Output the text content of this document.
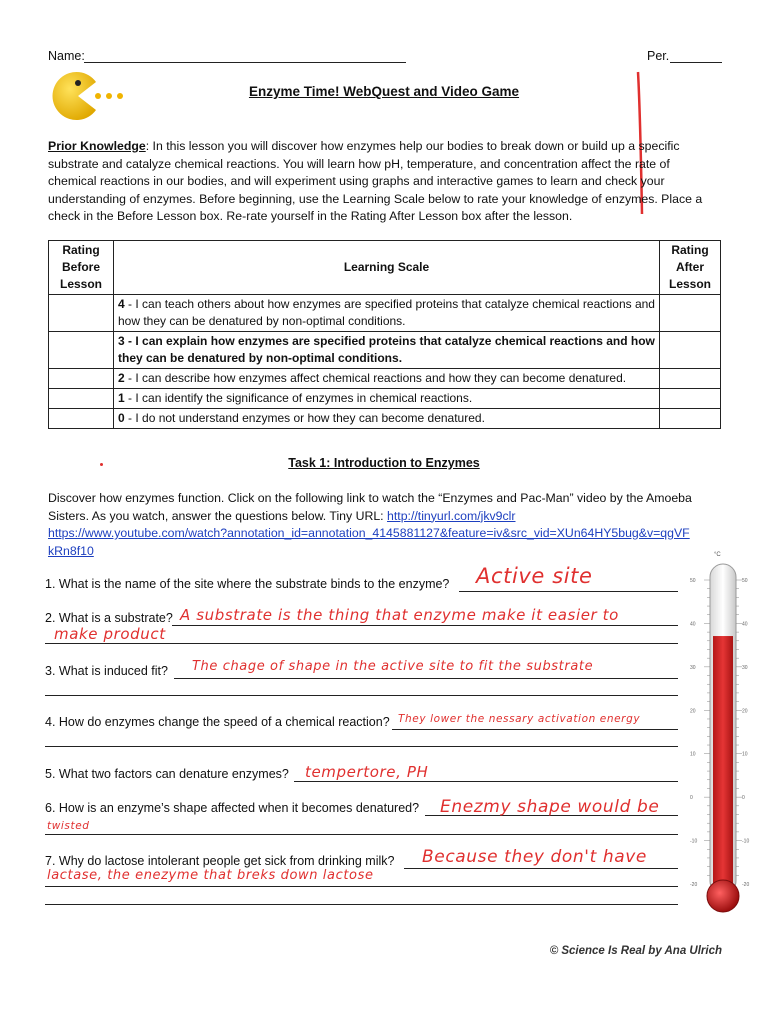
Name:	Per.
Enzyme Time! WebQuest and Video Game
Prior Knowledge: In this lesson you will discover how enzymes help our bodies to break down or build up a specific
substrate and catalyze chemical reactions. You will learn how pH, temperature, and concentration affect the rate of
chemical reactions in our bodies, and will experiment using graphs and interactive games to learn and check your
understanding of enzymes. Before beginning, use the Learning Scale below to rate your knowledge of enzymes. Place a
check in the Before Lesson box. Re-rate yourself in the Rating After Lesson box after the lesson.
Rating Before Lesson	Learning Scale	Rating After Lesson
	4 - I can teach others about how enzymes are specified proteins that catalyze chemical reactions and how they can be denatured by non-optimal conditions.	
	3 - I can explain how enzymes are specified proteins that catalyze chemical reactions and how they can be denatured by non-optimal conditions.	
	2 - I can describe how enzymes affect chemical reactions and how they can become denatured.	
	1 - I can identify the significance of enzymes in chemical reactions.	
	0 - I do not understand enzymes or how they can become denatured.	
Task 1: Introduction to Enzymes
Discover how enzymes function. Click on the following link to watch the “Enzymes and Pac-Man” video by the Amoeba
Sisters. As you watch, answer the questions below. Tiny URL: http://tinyurl.com/jkv9clr
https://www.youtube.com/watch?annotation_id=annotation_4145881127&feature=iv&src_vid=XUn64HY5bug&v=qgVF
kRn8f10
1. What is the name of the site where the substrate binds to the enzyme? Active site
2. What is a substrate? A substrate is the thing that enzyme make it easier to
make product
3. What is induced fit? The chage of shape in the active site to fit the substrate
4. How do enzymes change the speed of a chemical reaction? They lower the nessary activation energy
5. What two factors can denature enzymes? tempertore, PH
6. How is an enzyme’s shape affected when it becomes denatured? Enezmy shape would be
twisted
7. Why do lactose intolerant people get sick from drinking milk? Because they don't have
lactase, the enezyme that breks down lactose
°C
50	50
40	40
30	30
20	20
10	10
0	0
-10	-10
-20	-20
© Science Is Real by Ana Ulrich
